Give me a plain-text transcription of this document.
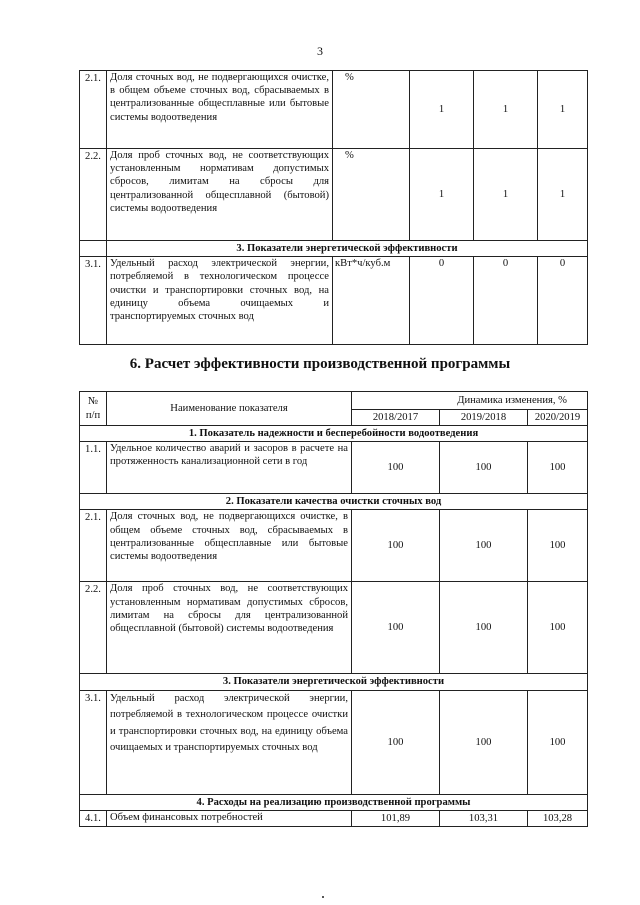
3
2.1.	Доля сточных вод, не подвергающихся очистке, в общем объеме сточных вод, сбрасываемых в централизованные общесплавные или бытовые системы водоотведения	%	1	1	1
2.2.	Доля проб сточных вод, не соответствующих установленным нормативам допустимых сбросов, лимитам на сбросы для централизованной общесплавной (бытовой) системы водоотведения	%	1	1	1
	3. Показатели энергетической эффективности				
3.1.	Удельный расход электрической энергии, потребляемой в технологическом процессе очистки и транспортировки сточных вод, на единицу объема очищаемых и транспортируемых сточных вод	кВт*ч/куб.м	0	0	0
6. Расчет эффективности производственной программы
№ п/п	Наименование показателя	Динамика изменения, %		
		2018/2017	2019/2018	2020/2019
1. Показатель надежности и бесперебойности водоотведения				
1.1.	Удельное количество аварий и засоров в расчете на протяженность канализационной сети в год	100	100	100
2. Показатели качества очистки сточных вод				
2.1.	Доля сточных вод, не подвергающихся очистке, в общем объеме сточных вод, сбрасываемых в централизованные общесплавные или бытовые системы водоотведения	100	100	100
2.2.	Доля проб сточных вод, не соответствующих установленным нормативам допустимых сбросов, лимитам на сбросы для централизованной общесплавной (бытовой) системы водоотведения	100	100	100
3. Показатели энергетической эффективности				
3.1.	Удельный расход электрической энергии, потребляемой в технологическом процессе очистки и транспортировки сточных вод, на единицу объема очищаемых и транспортируемых сточных вод	100	100	100
4. Расходы на реализацию производственной программы				
4.1.	Объем финансовых потребностей	101,89	103,31	103,28
